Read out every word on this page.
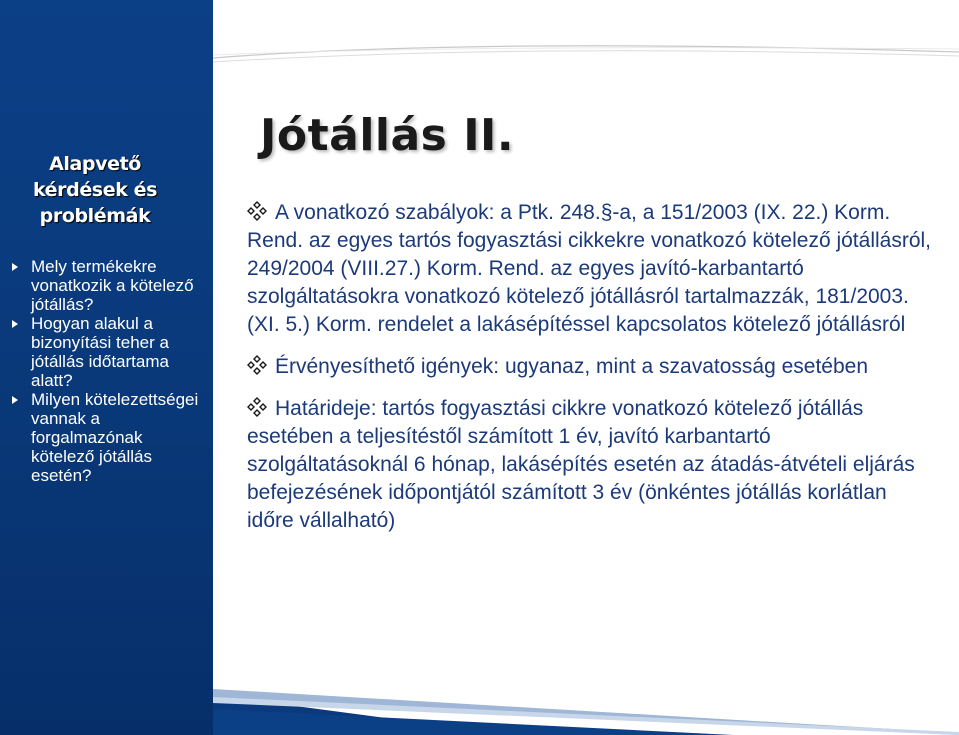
Alapvető kérdések és
problémák
Mely termékekre vonatkozik a kötelező jótállás?
Hogyan alakul a bizonyítási teher a jótállás időtartama alatt?
Milyen kötelezettségei vannak a forgalmazónak kötelező jótállás esetén?
Jótállás II.

A vonatkozó szabályok: a Ptk. 248.§-a, a 151/2003 (IX. 22.) Korm. Rend. az egyes tartós fogyasztási cikkekre vonatkozó kötelező jótállásról, 249/2004 (VIII.27.) Korm. Rend. az egyes javító-karbantartó szolgáltatásokra vonatkozó kötelező jótállásról tartalmazzák, 181/2003. (XI. 5.) Korm. rendelet a lakásépítéssel kapcsolatos kötelező jótállásról

Érvényesíthető igények: ugyanaz, mint a szavatosság esetében

Határideje: tartós fogyasztási cikkre vonatkozó kötelező jótállás esetében a teljesítéstől számított 1 év, javító karbantartó szolgáltatásoknál 6 hónap, lakásépítés esetén az átadás-átvételi eljárás befejezésének időpontjától számított 3 év (önkéntes jótállás korlátlan időre vállalható)
